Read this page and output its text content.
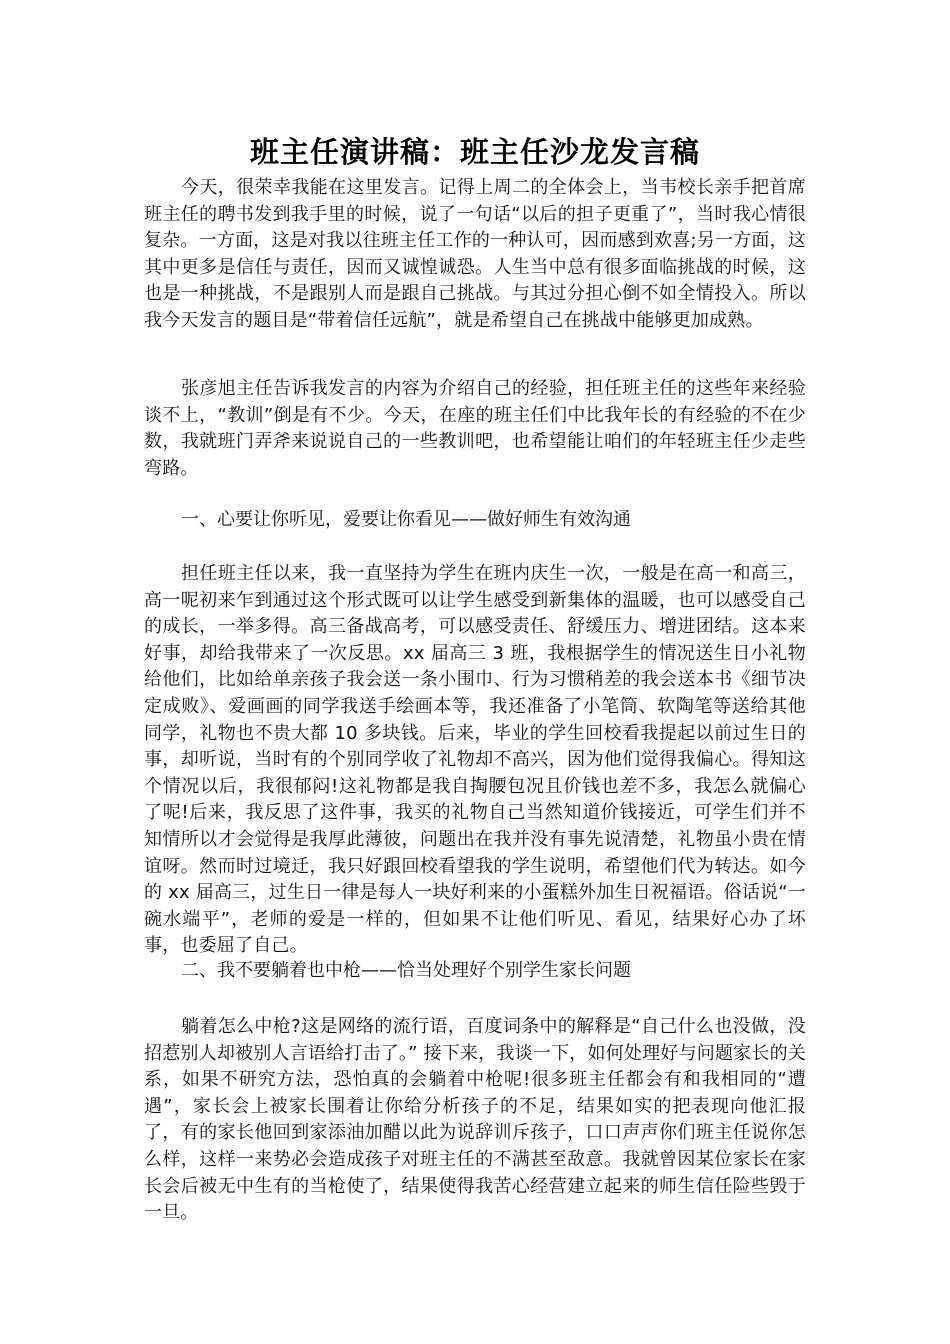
班主任演讲稿：班主任沙龙发言稿
今天，很荣幸我能在这里发言。记得上周二的全体会上，当韦校长亲手把首席班主任的聘书发到我手里的时候，说了一句话“以后的担子更重了”，当时我心情很复杂。一方面，这是对我以往班主任工作的一种认可，因而感到欢喜;另一方面，这其中更多是信任与责任，因而又诚惶诚恐。人生当中总有很多面临挑战的时候，这也是一种挑战，不是跟别人而是跟自己挑战。与其过分担心倒不如全情投入。所以我今天发言的题目是“带着信任远航”，就是希望自己在挑战中能够更加成熟。
张彦旭主任告诉我发言的内容为介绍自己的经验，担任班主任的这些年来经验谈不上，“教训”倒是有不少。今天，在座的班主任们中比我年长的有经验的不在少数，我就班门弄斧来说说自己的一些教训吧，也希望能让咱们的年轻班主任少走些弯路。
一、心要让你听见，爱要让你看见——做好师生有效沟通
担任班主任以来，我一直坚持为学生在班内庆生一次，一般是在高一和高三，高一呢初来乍到通过这个形式既可以让学生感受到新集体的温暖，也可以感受自己的成长，一举多得。高三备战高考，可以感受责任、舒缓压力、增进团结。这本来好事，却给我带来了一次反思。xx 届高三 3 班，我根据学生的情况送生日小礼物给他们，比如给单亲孩子我会送一条小围巾、行为习惯稍差的我会送本书《细节决定成败》、爱画画的同学我送手绘画本等，我还准备了小笔筒、软陶笔等送给其他同学，礼物也不贵大都 10 多块钱。后来，毕业的学生回校看我提起以前过生日的事，却听说，当时有的个别同学收了礼物却不高兴，因为他们觉得我偏心。得知这个情况以后，我很郁闷!这礼物都是我自掏腰包况且价钱也差不多，我怎么就偏心了呢!后来，我反思了这件事，我买的礼物自己当然知道价钱接近，可学生们并不知情所以才会觉得是我厚此薄彼，问题出在我并没有事先说清楚，礼物虽小贵在情谊呀。然而时过境迁，我只好跟回校看望我的学生说明，希望他们代为转达。如今的 xx 届高三，过生日一律是每人一块好利来的小蛋糕外加生日祝福语。俗话说“一碗水端平”，老师的爱是一样的，但如果不让他们听见、看见，结果好心办了坏事，也委屈了自己。
二、我不要躺着也中枪——恰当处理好个别学生家长问题
躺着怎么中枪?这是网络的流行语，百度词条中的解释是“自己什么也没做，没招惹别人却被别人言语给打击了。” 接下来，我谈一下，如何处理好与问题家长的关系，如果不研究方法，恐怕真的会躺着中枪呢!很多班主任都会有和我相同的“遭遇”，家长会上被家长围着让你给分析孩子的不足，结果如实的把表现向他汇报了，有的家长他回到家添油加醋以此为说辞训斥孩子，口口声声你们班主任说你怎么样，这样一来势必会造成孩子对班主任的不满甚至敌意。我就曾因某位家长在家长会后被无中生有的当枪使了，结果使得我苦心经营建立起来的师生信任险些毁于一旦。
